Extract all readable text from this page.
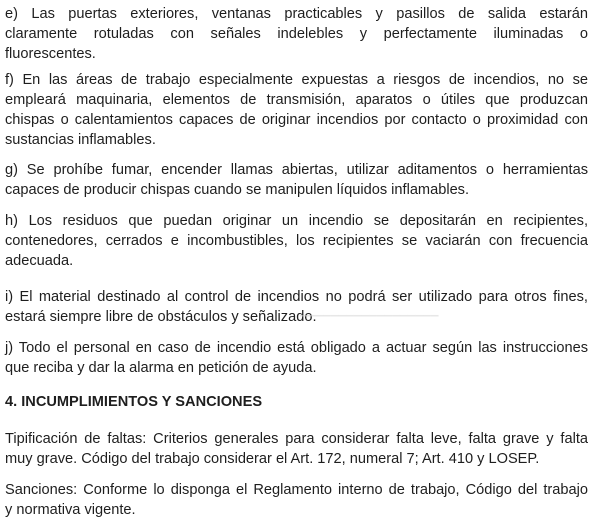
e) Las puertas exteriores, ventanas practicables y pasillos de salida estarán
claramente rotuladas con señales indelebles y perfectamente iluminadas o
fluorescentes.

f) En las áreas de trabajo especialmente expuestas a riesgos de incendios, no se
empleará maquinaria, elementos de transmisión, aparatos o útiles que produzcan
chispas o calentamientos capaces de originar incendios por contacto o proximidad con
sustancias inflamables.

g) Se prohíbe fumar, encender llamas abiertas, utilizar aditamentos o herramientas
capaces de producir chispas cuando se manipulen líquidos inflamables.

h) Los residuos que puedan originar un incendio se depositarán en recipientes,
contenedores, cerrados e incombustibles, los recipientes se vaciarán con frecuencia
adecuada.

i) El material destinado al control de incendios no podrá ser utilizado para otros fines,
estará siempre libre de obstáculos y señalizado.

▁▁▁▁▁▁▁▁▁▁▁▁▁▁▁▁▁▁

j) Todo el personal en caso de incendio está obligado a actuar según las instrucciones
que reciba y dar la alarma en petición de ayuda.

4. INCUMPLIMIENTOS Y SANCIONES

Tipificación de faltas: Criterios generales para considerar falta leve, falta grave y falta
muy grave. Código del trabajo considerar el Art. 172, numeral 7; Art. 410 y LOSEP.

Sanciones: Conforme lo disponga el Reglamento interno de trabajo, Código del trabajo
y normativa vigente.
